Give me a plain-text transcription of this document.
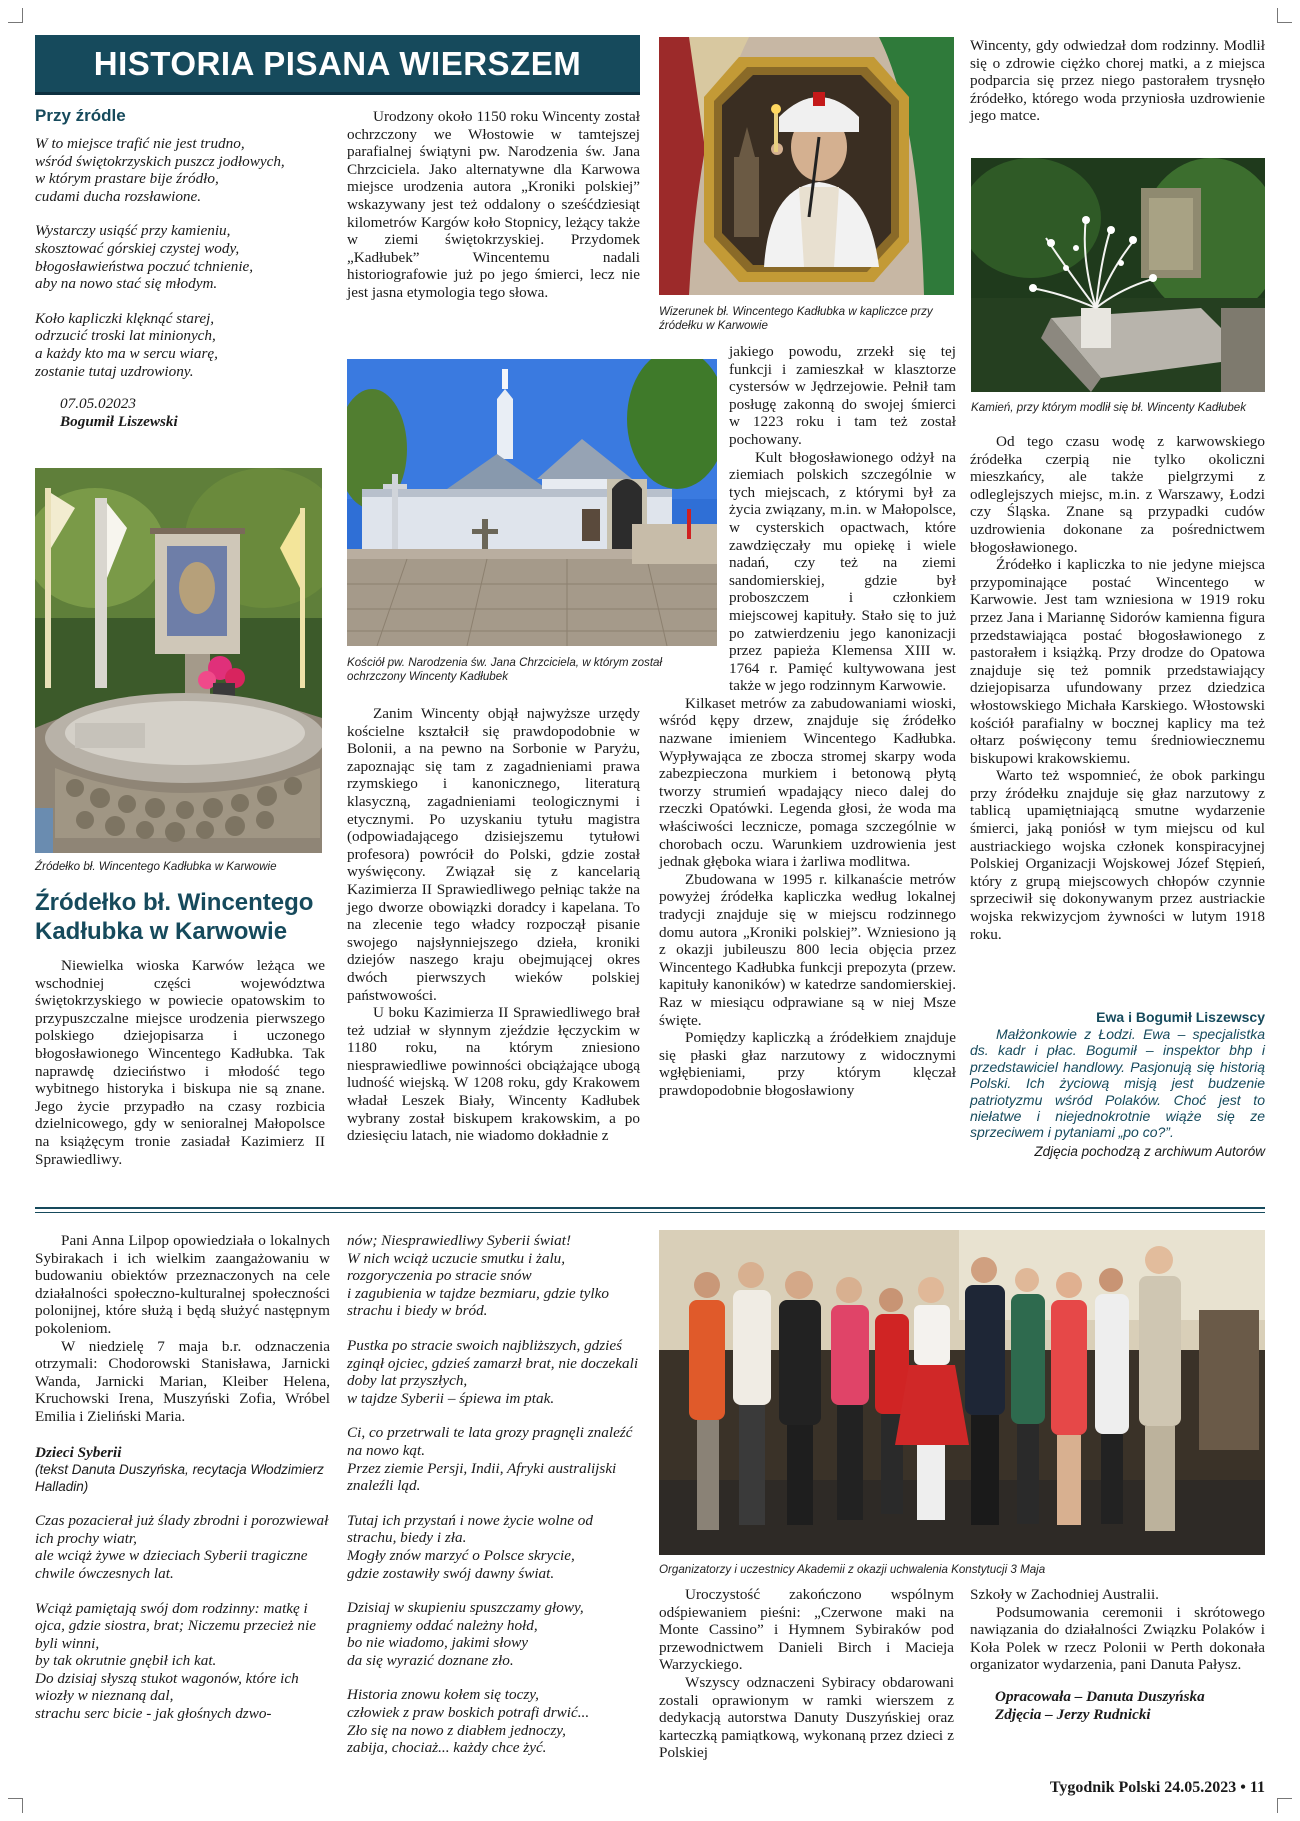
HISTORIA PISANA WIERSZEM
Przy źródle
W to miejsce trafić nie jest trudno,
wśród świętokrzyskich puszcz jodłowych,
w którym prastare bije źródło,
cudami ducha rozsławione.
Wystarczy usiąść przy kamieniu,
skosztować górskiej czystej wody,
błogosławieństwa poczuć tchnienie,
aby na nowo stać się młodym.
Koło kapliczki klęknąć starej,
odrzucić troski lat minionych,
a każdy kto ma w sercu wiarę,
zostanie tutaj uzdrowiony.
07.05.02023
Bogumił Liszewski

Źródełko bł. Wincentego Kadłubka w Karwowie

Źródełko bł. Wincentego Kadłubka w Karwowie

Niewielka wioska Karwów leżąca we wschodniej części województwa świętokrzyskiego w powiecie opatowskim to przypuszczalne miejsce urodzenia pierwszego polskiego dziejopisarza i uczonego błogosławionego Wincentego Kadłubka. Tak naprawdę dzieciństwo i młodość tego wybitnego historyka i biskupa nie są znane. Jego życie przypadło na czasy rozbicia dzielnicowego, gdy w senioralnej Małopolsce na książęcym tronie zasiadał Kazimierz II Sprawiedliwy.

Urodzony około 1150 roku Wincenty został ochrzczony we Włostowie w tamtejszej parafialnej świątyni pw. Narodzenia św. Jana Chrzciciela. Jako alternatywne dla Karwowa miejsce urodzenia autora „Kroniki polskiej” wskazywany jest też oddalony o sześćdziesiąt kilometrów Kargów koło Stopnicy, leżący także w ziemi świętokrzyskiej. Przydomek „Kadłubek” Wincentemu nadali historiografowie już po jego śmierci, lecz nie jest jasna etymologia tego słowa.

Kościół pw. Narodzenia św. Jana Chrzciciela, w którym został ochrzczony Wincenty Kadłubek

Zanim Wincenty objął najwyższe urzędy kościelne kształcił się prawdopodobnie w Bolonii, a na pewno na Sorbonie w Paryżu, zapoznając się tam z zagadnieniami prawa rzymskiego i kanonicznego, literaturą klasyczną, zagadnieniami teologicznymi i etycznymi. Po uzyskaniu tytułu magistra (odpowiadającego dzisiejszemu tytułowi profesora) powrócił do Polski, gdzie został wyświęcony. Związał się z kancelarią Kazimierza II Sprawiedliwego pełniąc także na jego dworze obowiązki doradcy i kapelana. To na zlecenie tego władcy rozpoczął pisanie swojego najsłynniejszego dzieła, kroniki dziejów naszego kraju obejmującej okres dwóch pierwszych wieków polskiej państwowości.

U boku Kazimierza II Sprawiedliwego brał też udział w słynnym zjeździe łęczyckim w 1180 roku, na którym zniesiono niesprawiedliwe powinności obciążające ubogą ludność wiejską. W 1208 roku, gdy Krakowem władał Leszek Biały, Wincenty Kadłubek wybrany został biskupem krakowskim, a po dziesięciu latach, nie wiadomo dokładnie z

Wizerunek bł. Wincentego Kadłubka w kapliczce przy źródełku w Karwowie

jakiego powodu, zrzekł się tej funkcji i zamieszkał w klasztorze cystersów w Jędrzejowie. Pełnił tam posługę zakonną do swojej śmierci w 1223 roku i tam też został pochowany.

Kult błogosławionego odżył na ziemiach polskich szczególnie w tych miejscach, z którymi był za życia związany, m.in. w Małopolsce, w cysterskich opactwach, które zawdzięczały mu opiekę i wiele nadań, czy też na ziemi sandomierskiej, gdzie był proboszczem i członkiem miejscowej kapituły. Stało się to już po zatwierdzeniu jego kanonizacji przez papieża Klemensa XIII w. 1764 r. Pamięć kultywowana jest także w jego rodzinnym Karwowie.

Kilkaset metrów za zabudowaniami wioski, wśród kępy drzew, znajduje się źródełko nazwane imieniem Wincentego Kadłubka. Wypływająca ze zbocza stromej skarpy woda zabezpieczona murkiem i betonową płytą tworzy strumień wpadający nieco dalej do rzeczki Opatówki. Legenda głosi, że woda ma właściwości lecznicze, pomaga szczególnie w chorobach oczu. Warunkiem uzdrowienia jest jednak głęboka wiara i żarliwa modlitwa.

Zbudowana w 1995 r. kilkanaście metrów powyżej źródełka kapliczka według lokalnej tradycji znajduje się w miejscu rodzinnego domu autora „Kroniki polskiej”. Wzniesiono ją z okazji jubileuszu 800 lecia objęcia przez Wincentego Kadłubka funkcji prepozyta (przew. kapituły kanoników) w katedrze sandomierskiej. Raz w miesiącu odprawiane są w niej Msze święte.

Pomiędzy kapliczką a źródełkiem znajduje się płaski głaz narzutowy z widocznymi wgłębieniami, przy którym klęczał prawdopodobnie błogosławiony

Wincenty, gdy odwiedzał dom rodzinny. Modlił się o zdrowie ciężko chorej matki, a z miejsca podparcia się przez niego pastorałem trysnęło źródełko, którego woda przyniosła uzdrowienie jego matce.

Kamień, przy którym modlił się bł. Wincenty Kadłubek

Od tego czasu wodę z karwowskiego źródełka czerpią nie tylko okoliczni mieszkańcy, ale także pielgrzymi z odleglejszych miejsc, m.in. z Warszawy, Łodzi czy Śląska. Znane są przypadki cudów uzdrowienia dokonane za pośrednictwem błogosławionego.

Źródełko i kapliczka to nie jedyne miejsca przypominające postać Wincentego w Karwowie. Jest tam wzniesiona w 1919 roku przez Jana i Mariannę Sidorów kamienna figura przedstawiająca postać błogosławionego z pastorałem i książką. Przy drodze do Opatowa znajduje się też pomnik przedstawiający dziejopisarza ufundowany przez dziedzica włostowskiego Michała Karskiego. Włostowski kościół parafialny w bocznej kaplicy ma też ołtarz poświęcony temu średniowiecznemu biskupowi krakowskiemu.

Warto też wspomnieć, że obok parkingu przy źródełku znajduje się głaz narzutowy z tablicą upamiętniającą smutne wydarzenie śmierci, jaką poniósł w tym miejscu od kul austriackiego wojska członek konspiracyjnej Polskiej Organizacji Wojskowej Józef Stępień, który z grupą miejscowych chłopów czynnie sprzeciwił się dokonywanym przez austriackie wojska rekwizycjom żywności w lutym 1918 roku.

Ewa i Bogumił Liszewscy

Małżonkowie z Łodzi. Ewa – specjalistka ds. kadr i płac. Bogumił – inspektor bhp i przedstawiciel handlowy. Pasjonują się historią Polski. Ich życiową misją jest budzenie patriotyzmu wśród Polaków. Choć jest to niełatwe i niejednokrotnie wiąże się ze sprzeciwem i pytaniami „po co?”.

Zdjęcia pochodzą z archiwum Autorów

Pani Anna Lilpop opowiedziała o lokalnych Sybirakach i ich wielkim zaangażowaniu w budowaniu obiektów przeznaczonych na cele działalności społeczno-kulturalnej społeczności polonijnej, które służą i będą służyć następnym pokoleniom.

W niedzielę 7 maja b.r. odznaczenia otrzymali: Chodorowski Stanisława, Jarnicki Wanda, Jarnicki Marian, Kleiber Helena, Kruchowski Irena, Muszyński Zofia, Wróbel Emilia i Zieliński Maria.

Dzieci Syberii
(tekst Danuta Duszyńska, recytacja Włodzimierz Halladin)
Czas pozacierał już ślady zbrodni i porozwiewał ich prochy wiatr,
ale wciąż żywe w dzieciach Syberii tragiczne chwile ówczesnych lat.
Wciąż pamiętają swój dom rodzinny: matkę i ojca, gdzie siostra, brat; Niczemu przecież nie byli winni,
by tak okrutnie gnębił ich kat.
Do dzisiaj słyszą stukot wagonów, które ich wiozły w nieznaną dal,
strachu serc bicie - jak głośnych dzwo-
nów; Niesprawiedliwy Syberii świat!
W nich wciąż uczucie smutku i żalu, rozgoryczenia po stracie snów
i zagubienia w tajdze bezmiaru, gdzie tylko strachu i biedy w bród.
Pustka po stracie swoich najbliższych, gdzieś zginął ojciec, gdzieś zamarzł brat, nie doczekali doby lat przyszłych,
w tajdze Syberii – śpiewa im ptak.
Ci, co przetrwali te lata grozy pragnęli znaleźć na nowo kąt.
Przez ziemie Persji, Indii, Afryki australijski znaleźli ląd.
Tutaj ich przystań i nowe życie wolne od strachu, biedy i zła.
Mogły znów marzyć o Polsce skrycie,
gdzie zostawiły swój dawny świat.
Dzisiaj w skupieniu spuszczamy głowy, pragniemy oddać należny hołd,
bo nie wiadomo, jakimi słowy
da się wyrazić doznane zło.
Historia znowu kołem się toczy,
człowiek z praw boskich potrafi drwić...
Zło się na nowo z diabłem jednoczy,
zabija, chociaż... każdy chce żyć.

Organizatorzy i uczestnicy Akademii z okazji uchwalenia Konstytucji 3 Maja

Uroczystość zakończono wspólnym odśpiewaniem pieśni: „Czerwone maki na Monte Cassino” i Hymnem Sybiraków pod przewodnictwem Danieli Birch i Macieja Warzyckiego.

Wszyscy odznaczeni Sybiracy obdarowani zostali oprawionym w ramki wierszem z dedykacją autorstwa Danuty Duszyńskiej oraz karteczką pamiątkową, wykonaną przez dzieci z Polskiej

Szkoły w Zachodniej Australii.

Podsumowania ceremonii i skrótowego nawiązania do działalności Związku Polaków i Koła Polek w rzecz Polonii w Perth dokonała organizator wydarzenia, pani Danuta Pałysz.

Opracowała – Danuta Duszyńska
Zdjęcia – Jerzy Rudnicki
Tygodnik Polski 24.05.2023 • 11
